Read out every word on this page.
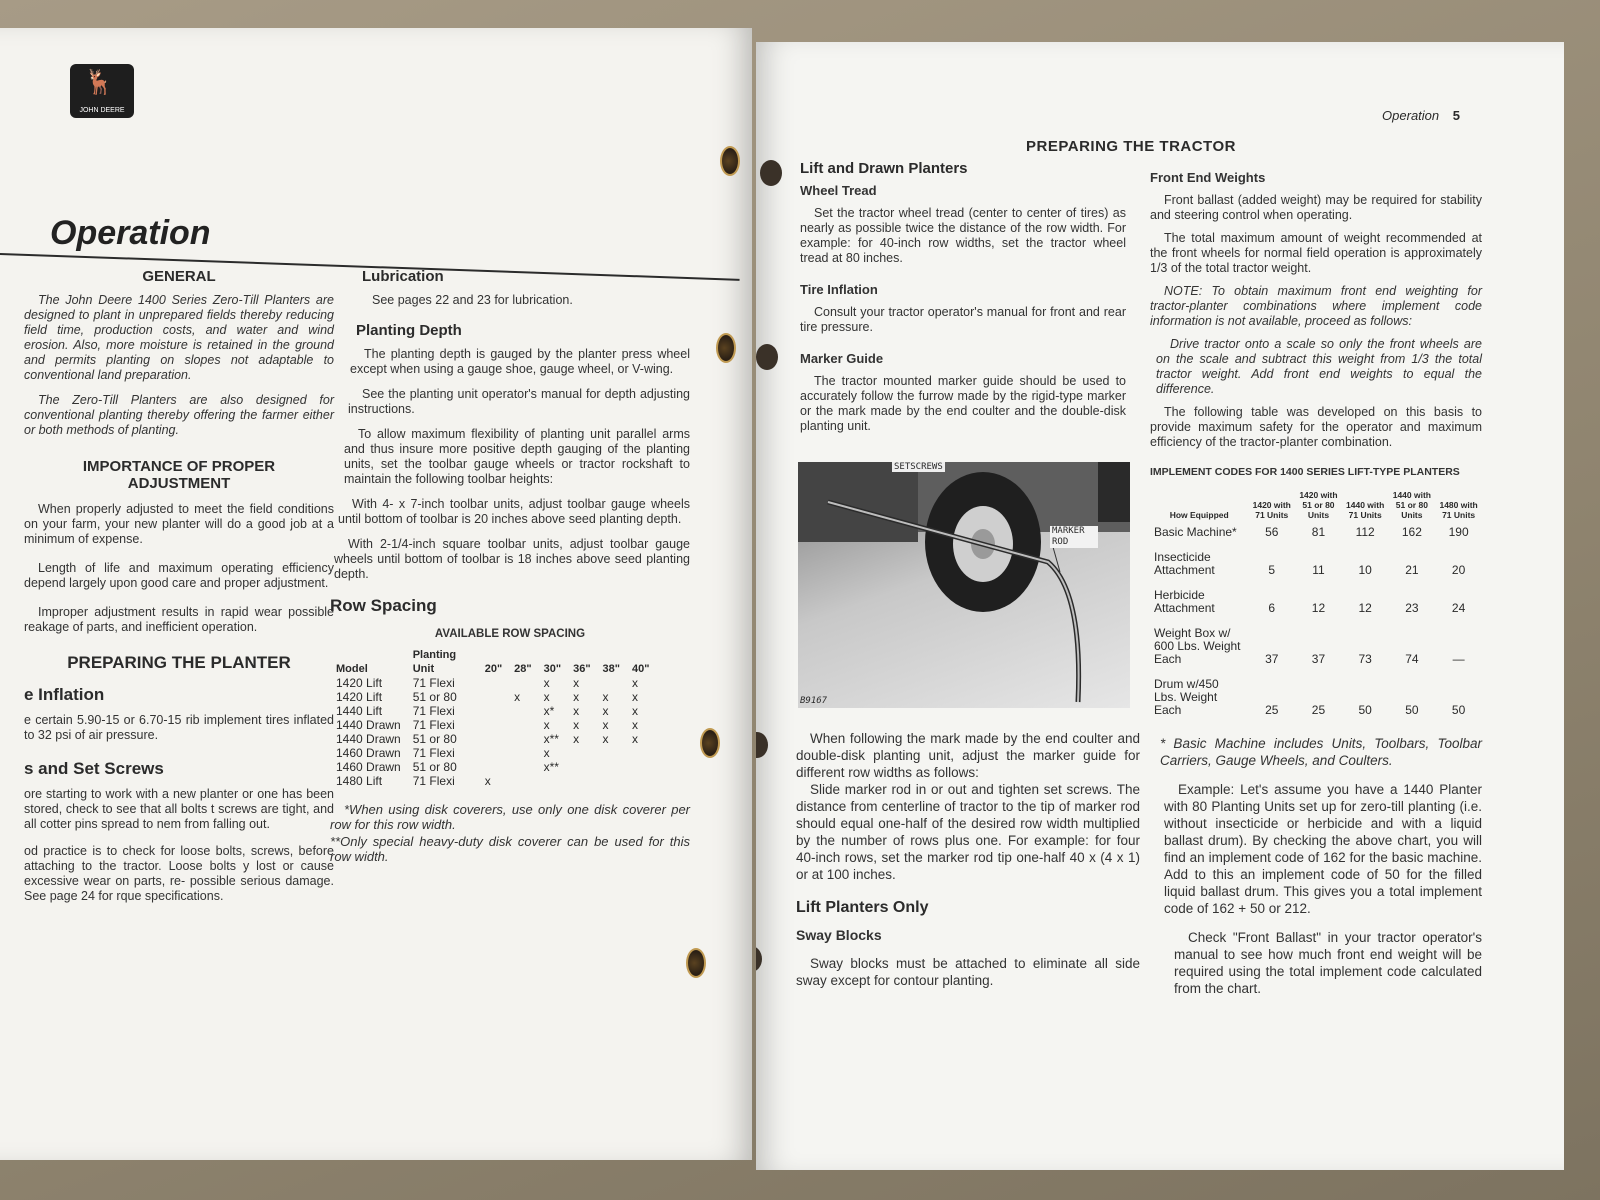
🦌
JOHN DEERE
Operation
GENERAL

The John Deere 1400 Series Zero-Till Planters are designed to plant in unprepared fields thereby reducing field time, production costs, and water and wind erosion. Also, more moisture is retained in the ground and permits planting on slopes not adaptable to conventional land preparation.

The Zero-Till Planters are also designed for conventional planting thereby offering the farmer either or both methods of planting.

IMPORTANCE OF PROPER ADJUSTMENT

When properly adjusted to meet the field conditions on your farm, your new planter will do a good job at a minimum of expense.

Length of life and maximum operating efficiency depend largely upon good care and proper adjustment.

Improper adjustment results in rapid wear possible reakage of parts, and inefficient operation.

PREPARING THE PLANTER
e Inflation

e certain 5.90-15 or 6.70-15 rib implement tires inflated to 32 psi of air pressure.

s and Set Screws

ore starting to work with a new planter or one has been stored, check to see that all bolts t screws are tight, and all cotter pins spread to nem from falling out.

od practice is to check for loose bolts, screws, before attaching to the tractor. Loose bolts y lost or cause excessive wear on parts, re- possible serious damage. See page 24 for rque specifications.

Lubrication

See pages 22 and 23 for lubrication.

Planting Depth

The planting depth is gauged by the planter press wheel except when using a gauge shoe, gauge wheel, or V-wing.

See the planting unit operator's manual for depth adjusting instructions.

To allow maximum flexibility of planting unit parallel arms and thus insure more positive depth gauging of the planting units, set the toolbar gauge wheels or tractor rockshaft to maintain the following toolbar heights:

With 4- x 7-inch toolbar units, adjust toolbar gauge wheels until bottom of toolbar is 20 inches above seed planting depth.

With 2-1/4-inch square toolbar units, adjust toolbar gauge wheels until bottom of toolbar is 18 inches above seed planting depth.

Row Spacing
AVAILABLE ROW SPACING
Model	Planting Unit	20"	28"	30"	36"	38"	40"
1420 Lift	71 Flexi			x	x		x
1420 Lift	51 or 80		x	x	x	x	x
1440 Lift	71 Flexi			x*	x	x	x
1440 Drawn	71 Flexi			x	x	x	x
1440 Drawn	51 or 80			x**	x	x	x
1460 Drawn	71 Flexi			x			
1460 Drawn	51 or 80			x**			
1480 Lift	71 Flexi	x					

*When using disk coverers, use only one disk coverer per row for this row width.

**Only special heavy-duty disk coverer can be used for this row width.

Operation 5
PREPARING THE TRACTOR
Lift and Drawn Planters
Wheel Tread

Set the tractor wheel tread (center to center of tires) as nearly as possible twice the distance of the row width. For example: for 40-inch row widths, set the tractor wheel tread at 80 inches.

Tire Inflation

Consult your tractor operator's manual for front and rear tire pressure.

Marker Guide

The tractor mounted marker guide should be used to accurately follow the furrow made by the rigid-type marker or the mark made by the end coulter and the double-disk planting unit.

SETSCREWS
MARKER ROD
B9167

When following the mark made by the end coulter and double-disk planting unit, adjust the marker guide for different row widths as follows:

Slide marker rod in or out and tighten set screws. The distance from centerline of tractor to the tip of marker rod should equal one-half of the desired row width multiplied by the number of rows plus one. For example: for four 40-inch rows, set the marker rod tip one-half 40 x (4 x 1) or at 100 inches.

Lift Planters Only
Sway Blocks

Sway blocks must be attached to eliminate all side sway except for contour planting.

Front End Weights

Front ballast (added weight) may be required for stability and steering control when operating.

The total maximum amount of weight recommended at the front wheels for normal field operation is approximately 1/3 of the total tractor weight.

NOTE: To obtain maximum front end weighting for tractor-planter combinations where implement code information is not available, proceed as follows:

Drive tractor onto a scale so only the front wheels are on the scale and subtract this weight from 1/3 the total tractor weight. Add front end weights to equal the difference.

The following table was developed on this basis to provide maximum safety for the operator and maximum efficiency of the tractor-planter combination.

IMPLEMENT CODES FOR 1400 SERIES LIFT-TYPE PLANTERS
How Equipped	1420 with 71 Units	1420 with 51 or 80 Units	1440 with 71 Units	1440 with 51 or 80 Units	1480 with 71 Units
Basic Machine*	56	81	112	162	190
Insecticide Attachment	5	11	10	21	20
Herbicide Attachment	6	12	12	23	24
Weight Box w/ 600 Lbs. Weight Each	37	37	73	74	—
Drum w/450 Lbs. Weight Each	25	25	50	50	50

* Basic Machine includes Units, Toolbars, Toolbar Carriers, Gauge Wheels, and Coulters.

Example: Let's assume you have a 1440 Planter with 80 Planting Units set up for zero-till planting (i.e. without insecticide or herbicide and with a liquid ballast drum). By checking the above chart, you will find an implement code of 162 for the basic machine. Add to this an implement code of 50 for the filled liquid ballast drum. This gives you a total implement code of 162 + 50 or 212.

Check "Front Ballast" in your tractor operator's manual to see how much front end weight will be required using the total implement code calculated from the chart.
